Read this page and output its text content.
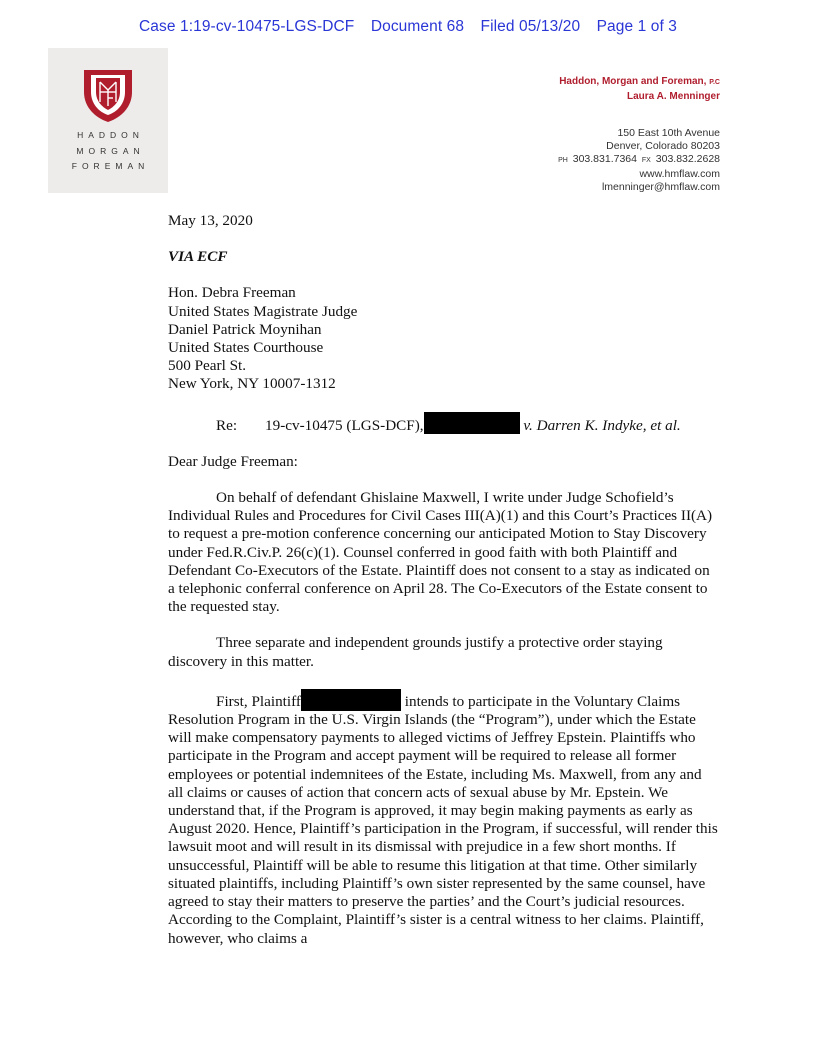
Case 1:19-cv-10475-LGS-DCF Document 68 Filed 05/13/20 Page 1 of 3
HADDON
MORGAN
FOREMAN
Haddon, Morgan and Foreman, P.C
Laura A. Menninger
150 East 10th Avenue
Denver, Colorado 80203
PH 303.831.7364 FX 303.832.2628
www.hmflaw.com
lmenninger@hmflaw.com

May 13, 2020

VIA ECF

Hon. Debra Freeman
United States Magistrate Judge
Daniel Patrick Moynihan
United States Courthouse
500 Pearl St.
New York, NY 10007-1312

Re: 19-cv-10475 (LGS-DCF),	v. Darren K. Indyke, et al.

Dear Judge Freeman:

On behalf of defendant Ghislaine Maxwell, I write under Judge Schofield’s Individual Rules and Procedures for Civil Cases III(A)(1) and this Court’s Practices II(A) to request a pre-motion conference concerning our anticipated Motion to Stay Discovery under Fed.R.Civ.P. 26(c)(1). Counsel conferred in good faith with both Plaintiff and Defendant Co-Executors of the Estate. Plaintiff does not consent to a stay as indicated on a telephonic conferral conference on April 28. The Co-Executors of the Estate consent to the requested stay.

Three separate and independent grounds justify a protective order staying discovery in this matter.

First, Plaintiff	intends to participate in the Voluntary Claims Resolution Program in the U.S. Virgin Islands (the “Program”), under which the Estate will make compensatory payments to alleged victims of Jeffrey Epstein. Plaintiffs who participate in the Program and accept payment will be required to release all former employees or potential indemnitees of the Estate, including Ms. Maxwell, from any and all claims or causes of action that concern acts of sexual abuse by Mr. Epstein. We understand that, if the Program is approved, it may begin making payments as early as August 2020. Hence, Plaintiff’s participation in the Program, if successful, will render this lawsuit moot and will result in its dismissal with prejudice in a few short months. If unsuccessful, Plaintiff will be able to resume this litigation at that time. Other similarly situated plaintiffs, including Plaintiff’s own sister represented by the same counsel, have agreed to stay their matters to preserve the parties’ and the Court’s judicial resources. According to the Complaint, Plaintiff’s sister is a central witness to her claims. Plaintiff, however, who claims a
